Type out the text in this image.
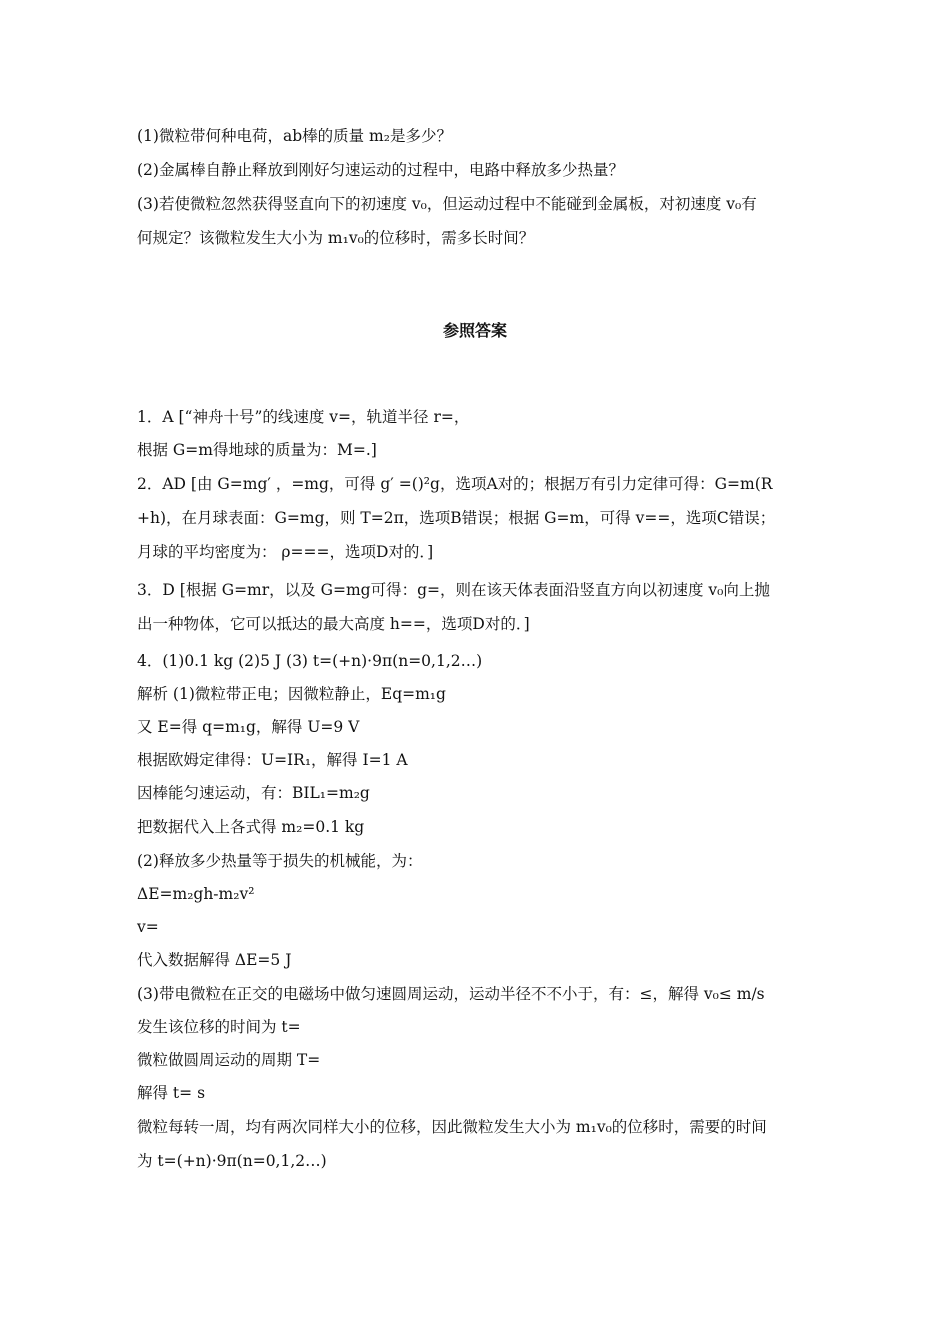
(1)微粒带何种电荷，ab棒的质量 m₂是多少？
(2)金属棒自静止释放到刚好匀速运动的过程中，电路中释放多少热量？
(3)若使微粒忽然获得竖直向下的初速度 v₀，但运动过程中不能碰到金属板，对初速度 v₀有
何规定？该微粒发生大小为 m₁v₀的位移时，需多长时间？
参照答案
1．A [“神舟十号”的线速度 v=，轨道半径 r=，
根据 G=m得地球的质量为：M=.]
2．AD [由 G=mg′ ，=mg，可得 g′ =()²g，选项A对的；根据万有引力定律可得：G=m(R
+h)，在月球表面：G=mg，则 T=2π，选项B错误；根据 G=m，可得 v==，选项C错误；
月球的平均密度为： ρ===，选项D对的．]
3．D [根据 G=mr，以及 G=mg可得：g=，则在该天体表面沿竖直方向以初速度 v₀向上抛
出一种物体，它可以抵达的最大高度 h==，选项D对的．]
4．(1)0.1 kg (2)5 J (3) t=(+n)·9π(n=0,1,2…)
解析 (1)微粒带正电；因微粒静止，Eq=m₁g
又 E=得 q=m₁g，解得 U=9 V
根据欧姆定律得：U=IR₁，解得 I=1 A
因棒能匀速运动，有：BIL₁=m₂g
把数据代入上各式得 m₂=0.1 kg
(2)释放多少热量等于损失的机械能，为：
ΔE=m₂gh-m₂v²
v=
代入数据解得 ΔE=5 J
(3)带电微粒在正交的电磁场中做匀速圆周运动，运动半径不不小于，有：≤，解得 v₀≤ m/s
发生该位移的时间为 t=
微粒做圆周运动的周期 T=
解得 t= s
微粒每转一周，均有两次同样大小的位移，因此微粒发生大小为 m₁v₀的位移时，需要的时间
为 t=(+n)·9π(n=0,1,2…)
